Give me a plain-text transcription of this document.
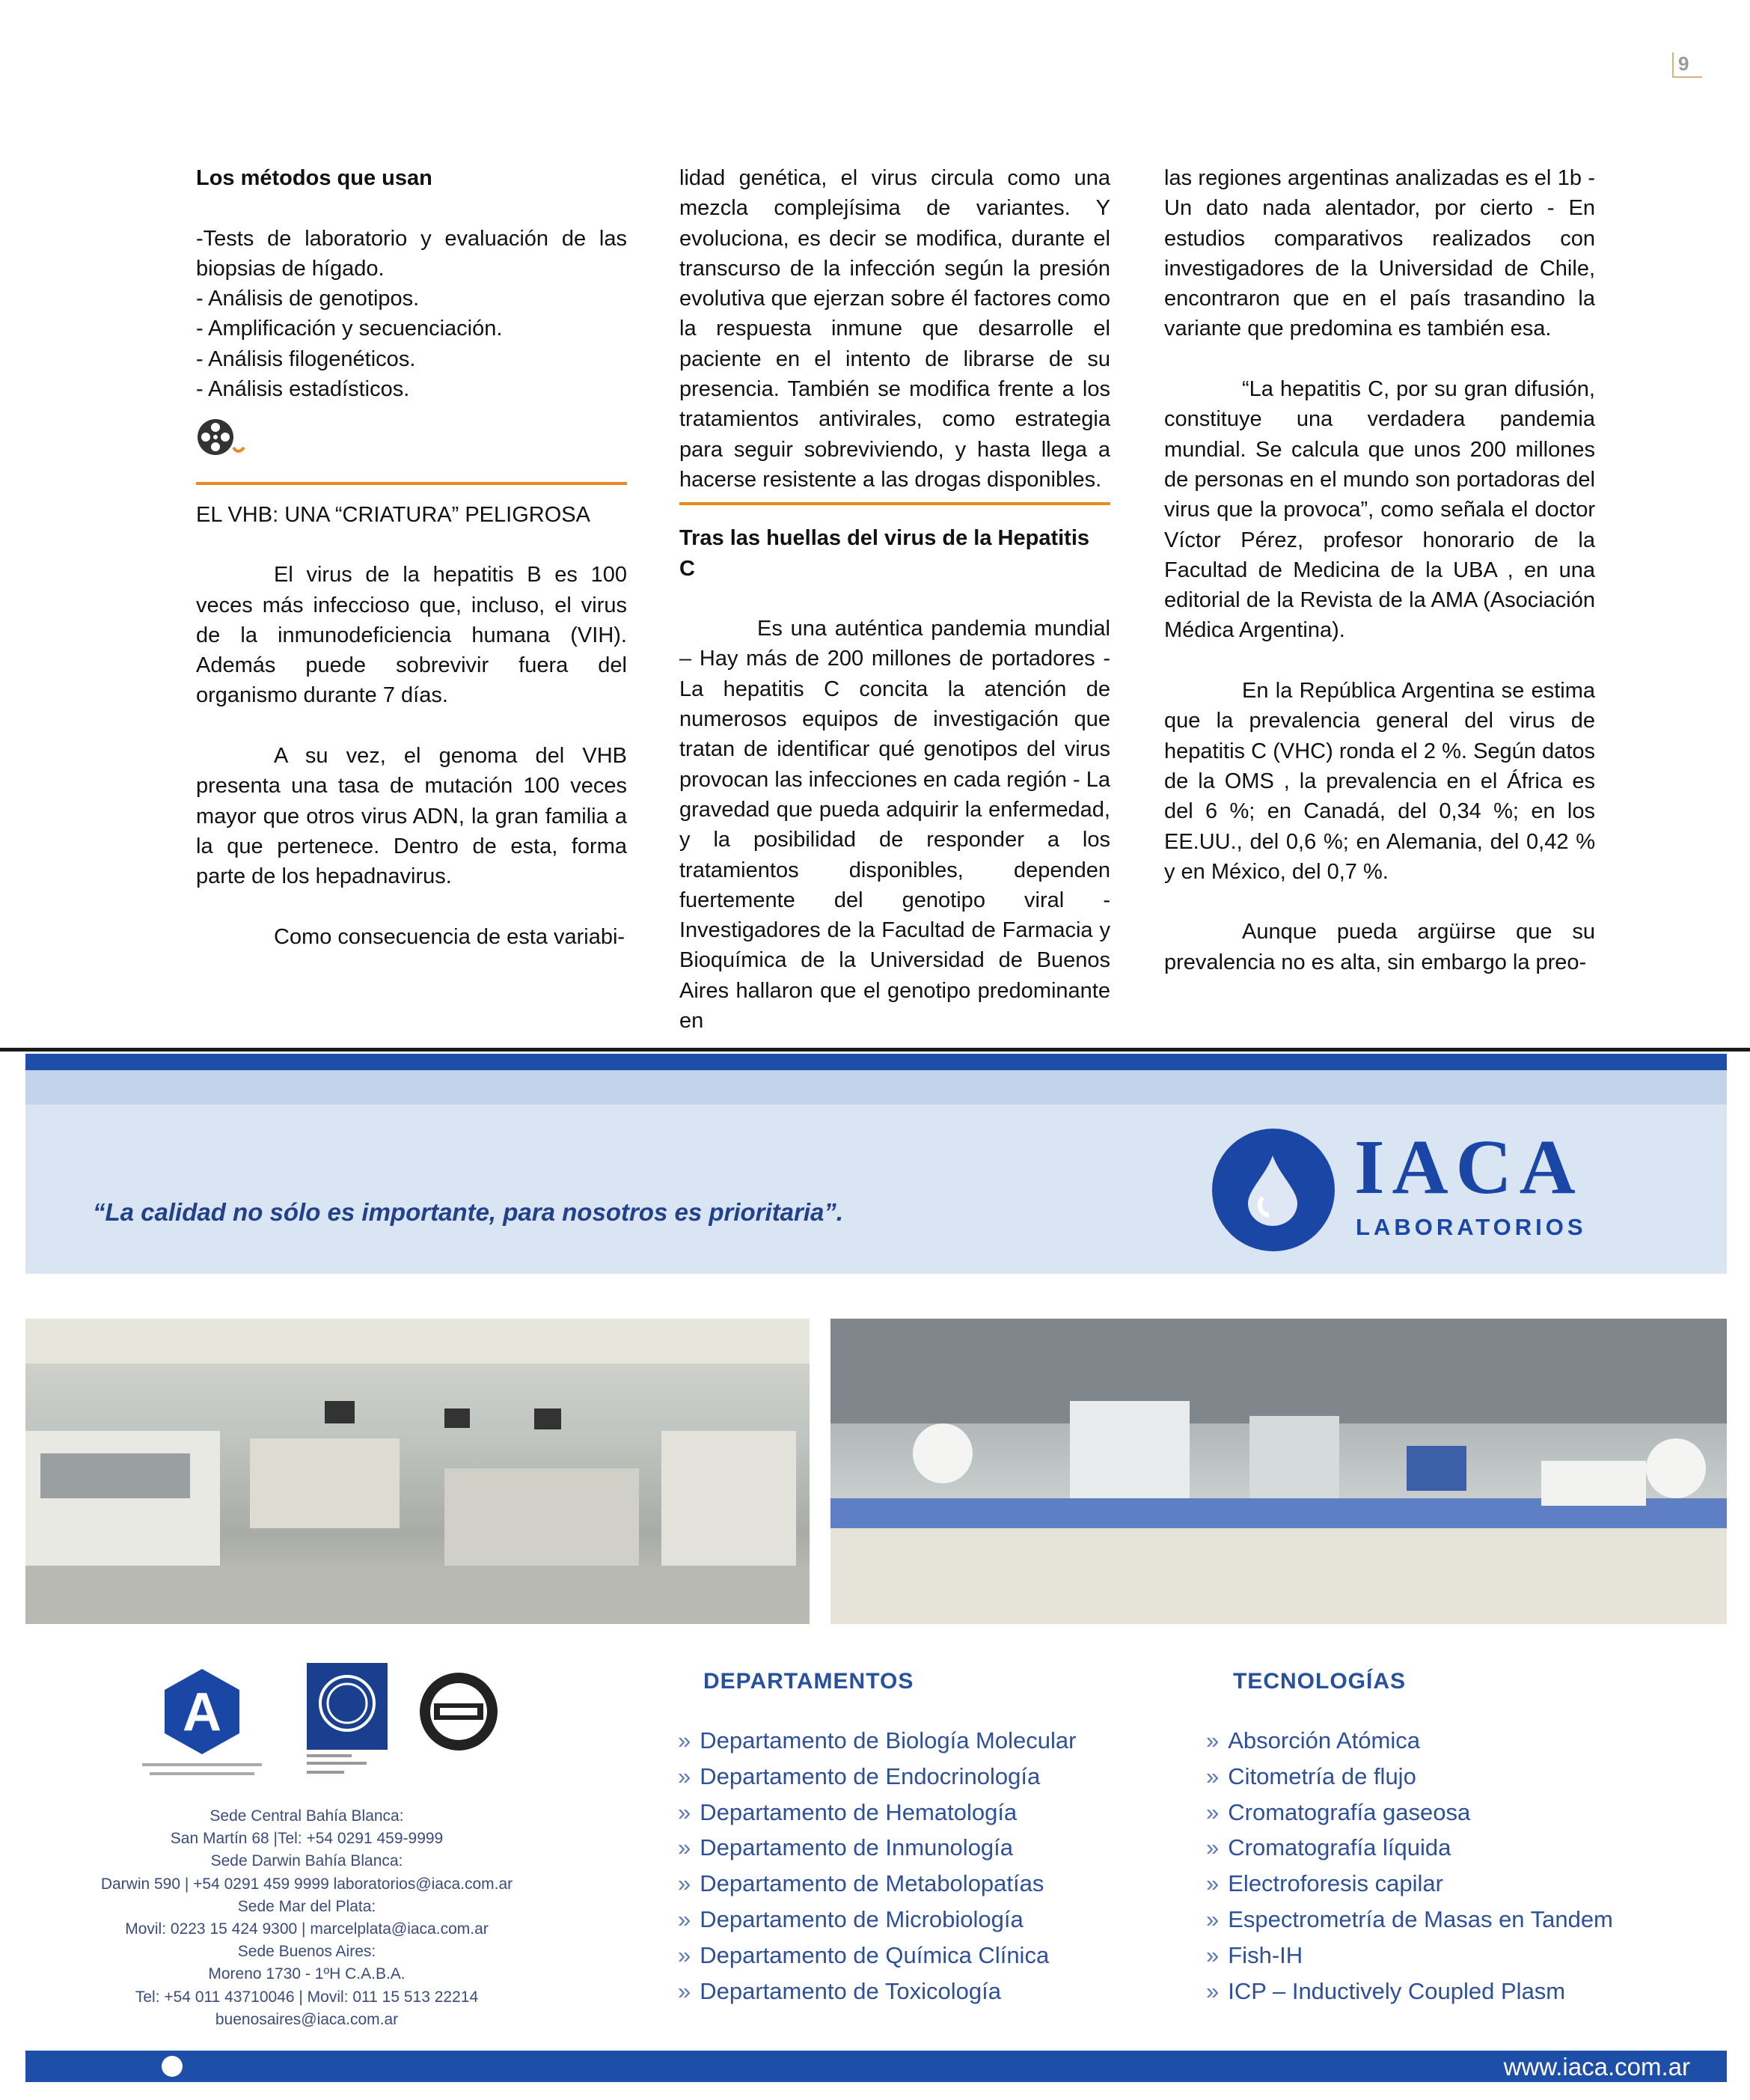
9

Los métodos que usan

-Tests de laboratorio y evaluación de las

biopsias de hígado.

- Análisis de genotipos.

- Amplificación y secuenciación.

- Análisis filogenéticos.

- Análisis estadísticos.

EL VHB: UNA “CRIATURA” PELIGROSA

El virus de la hepatitis B es 100 veces más infeccioso que, incluso, el virus de la inmunodeficiencia humana (VIH). Además puede sobrevivir fuera del organismo durante 7 días.

A su vez, el genoma del VHB presenta una tasa de mutación 100 veces mayor que otros virus ADN, la gran familia a la que pertenece. Dentro de esta, forma parte de los hepadnavirus.

Como consecuencia de esta variabi-

lidad genética, el virus circula como una mezcla complejísima de variantes. Y evoluciona, es decir se modifica, durante el transcurso de la infección según la presión evolutiva que ejerzan sobre él factores como la respuesta inmune que desarrolle el paciente en el intento de librarse de su presencia. También se modifica frente a los tratamientos antivirales, como estrategia para seguir sobreviviendo, y hasta llega a hacerse resistente a las drogas disponibles.

Tras las huellas del virus de la Hepatitis C

Es una auténtica pandemia mundial – Hay más de 200 millones de portadores - La hepatitis C concita la atención de numerosos equipos de investigación que tratan de identificar qué genotipos del virus provocan las infecciones en cada región - La gravedad que pueda adquirir la enfermedad, y la posibilidad de responder a los tratamientos disponibles, dependen fuertemente del genotipo viral - Investigadores de la Facultad de Farmacia y Bioquímica de la Universidad de Buenos Aires hallaron que el genotipo predominante en

las regiones argentinas analizadas es el 1b - Un dato nada alentador, por cierto - En estudios comparativos realizados con investigadores de la Universidad de Chile, encontraron que en el país trasandino la variante que predomina es también esa.

“La hepatitis C, por su gran difusión, constituye una verdadera pandemia mundial. Se calcula que unos 200 millones de personas en el mundo son portadoras del virus que la provoca”, como señala el doctor Víctor Pérez, profesor honorario de la Facultad de Medicina de la UBA , en una editorial de la Revista de la AMA (Asociación Médica Argentina).

En la República Argentina se estima que la prevalencia general del virus de hepatitis C (VHC) ronda el 2 %. Según datos de la OMS , la prevalencia en el África es del 6 %; en Canadá, del 0,34 %; en los EE.UU., del 0,6 %; en Alemania, del 0,42 % y en México, del 0,7 %.

Aunque pueda argüirse que su prevalencia no es alta, sin embargo la preo-

“La calidad no sólo es importante, para nosotros es prioritaria”.
IACA
LABORATORIOS
A
Sede Central Bahía Blanca:
San Martín 68 |Tel: +54 0291 459-9999
Sede Darwin Bahía Blanca:
Darwin 590 | +54 0291 459 9999 laboratorios@iaca.com.ar
Sede Mar del Plata:
Movil: 0223 15 424 9300 | marcelplata@iaca.com.ar
Sede Buenos Aires:
Moreno 1730 - 1ºH C.A.B.A.
Tel: +54 011 43710046 | Movil: 011 15 513 22214
buenosaires@iaca.com.ar
DEPARTAMENTOS
» Departamento de Biología Molecular
» Departamento de Endocrinología
» Departamento de Hematología
» Departamento de Inmunología
» Departamento de Metabolopatías
» Departamento de Microbiología
» Departamento de Química Clínica
» Departamento de Toxicología
TECNOLOGÍAS
» Absorción Atómica
» Citometría de flujo
» Cromatografía gaseosa
» Cromatografía líquida
» Electroforesis capilar
» Espectrometría de Masas en Tandem
» Fish-IH
» ICP – Inductively Coupled Plasm
www.iaca.com.ar
